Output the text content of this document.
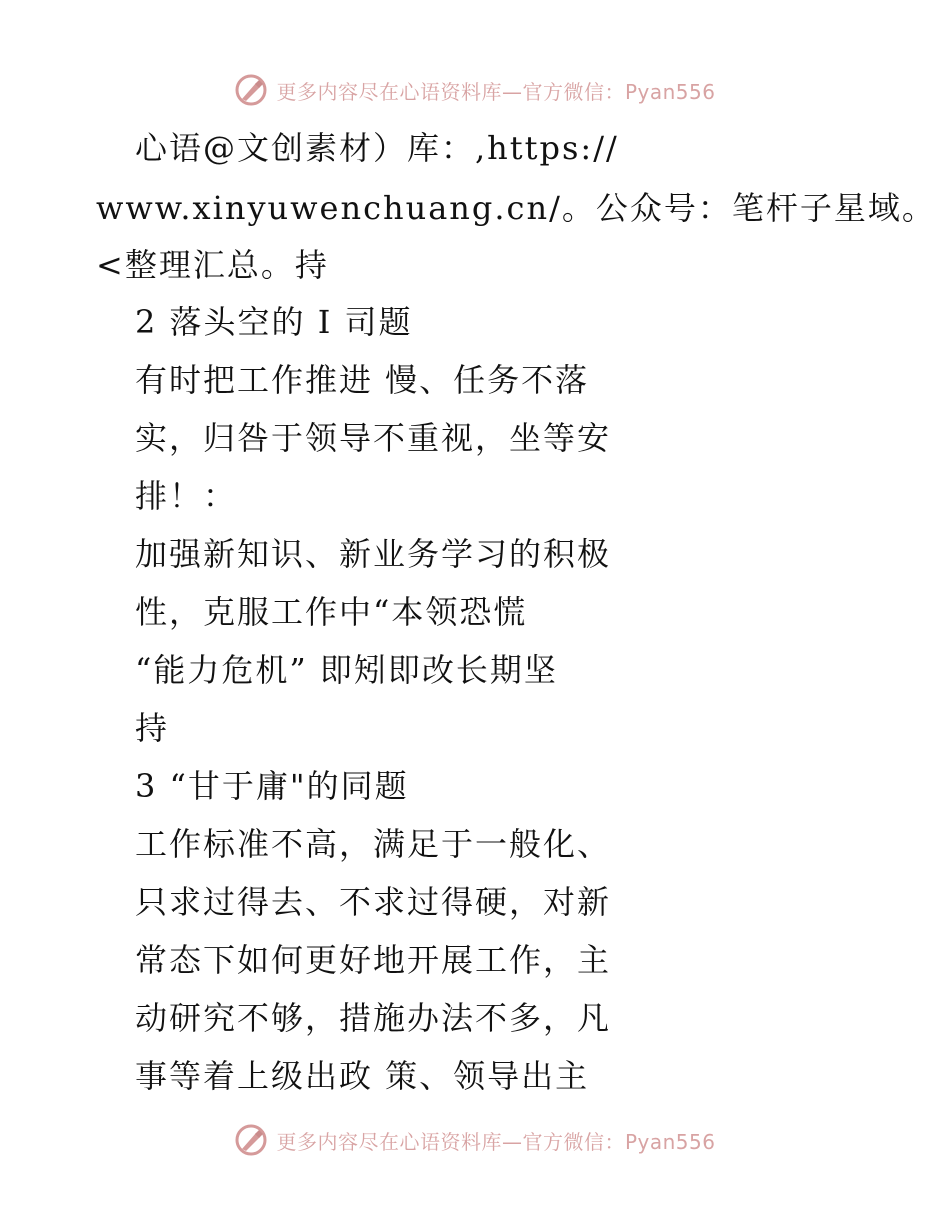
更多内容尽在心语资料库—官方微信：Pyan556
心语@文创素材）库：,https://
www.xinyuwenchuang.cn/。公众号：笔杆子星域。
<整理汇总。持
2 落头空的 I 司题
有时把工作推进 慢、任务不落
实，归咎于领导不重视，坐等安
排！：
加强新知识、新业务学习的积极
性，克服工作中“本领恐慌
“能力危机” 即矧即改长期坚
持
3 “甘于庸"的同题
工作标准不高，满足于一般化、
只求过得去、不求过得硬，对新
常态下如何更好地开展工作，主
动研究不够，措施办法不多，凡
事等着上级出政 策、领导出主
更多内容尽在心语资料库—官方微信：Pyan556
